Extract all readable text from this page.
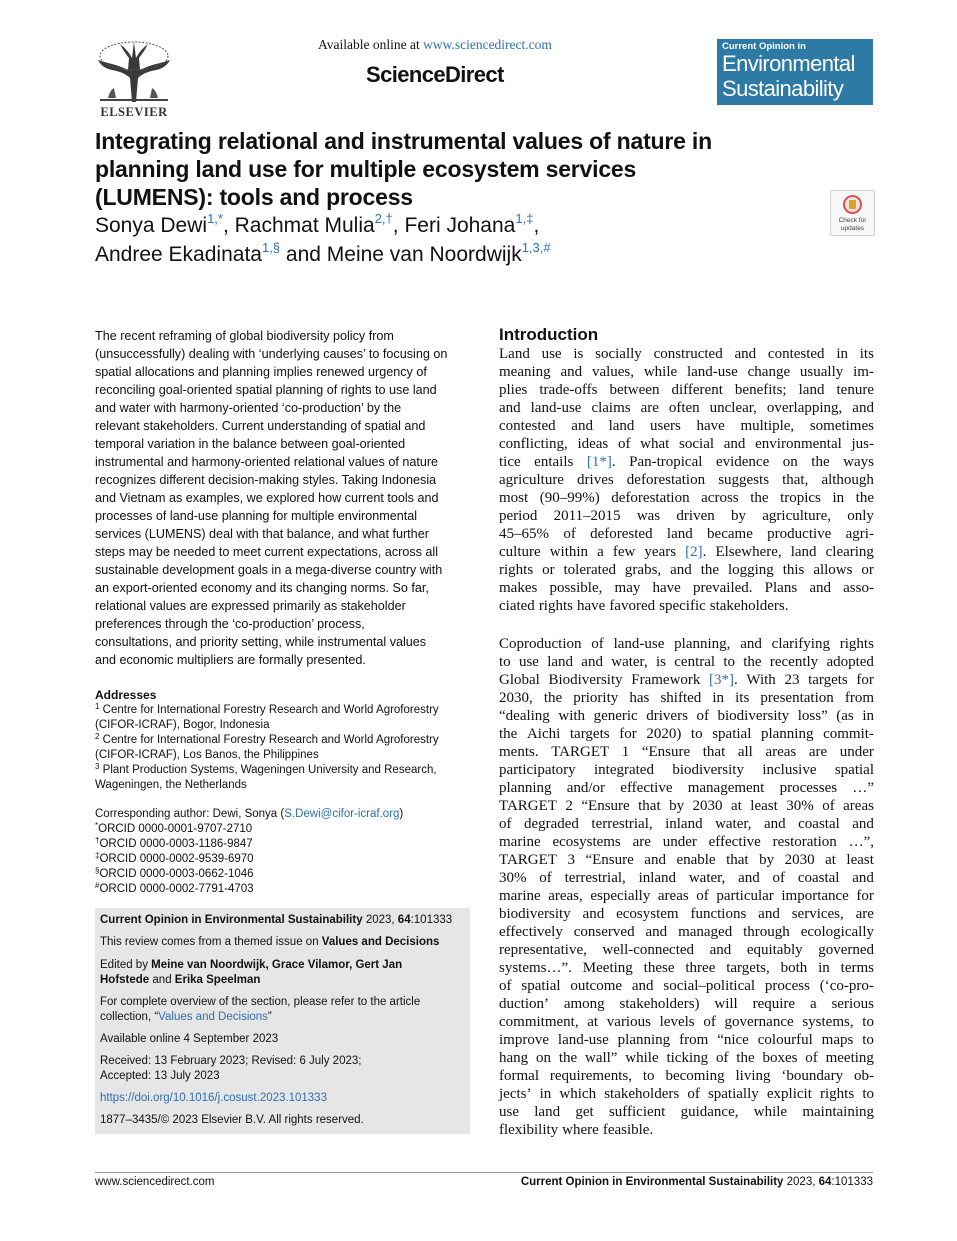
ELSEVIER
Available online at www.sciencedirect.com
ScienceDirect
Current Opinion in
Environmental
Sustainability
Integrating relational and instrumental values of nature in
planning land use for multiple ecosystem services
(LUMENS): tools and process
Sonya Dewi$^{1,*}$, Rachmat Mulia$^{2,\dagger}$, Feri Johana$^{1,\ddagger}$,
Andree Ekadinata$^{1,\S}$ and Meine van Noordwijk$^{1,3,\#}$
Check for
updates
The recent reframing of global biodiversity policy from
(unsuccessfully) dealing with ‘underlying causes’ to focusing on
spatial allocations and planning implies renewed urgency of
reconciling goal-oriented spatial planning of rights to use land
and water with harmony-oriented ‘co-production’ by the
relevant stakeholders. Current understanding of spatial and
temporal variation in the balance between goal-oriented
instrumental and harmony-oriented relational values of nature
recognizes different decision-making styles. Taking Indonesia
and Vietnam as examples, we explored how current tools and
processes of land-use planning for multiple environmental
services (LUMENS) deal with that balance, and what further
steps may be needed to meet current expectations, across all
sustainable development goals in a mega-diverse country with
an export-oriented economy and its changing norms. So far,
relational values are expressed primarily as stakeholder
preferences through the ‘co-production’ process,
consultations, and priority setting, while instrumental values
and economic multipliers are formally presented.
Addresses
$^1$ Centre for International Forestry Research and World Agroforestry
(CIFOR-ICRAF), Bogor, Indonesia
$^2$ Centre for International Forestry Research and World Agroforestry
(CIFOR-ICRAF), Los Banos, the Philippines
$^3$ Plant Production Systems, Wageningen University and Research,
Wageningen, the Netherlands
Corresponding author: Dewi, Sonya (S.Dewi@cifor-icraf.org)
*ORCID 0000-0001-9707-2710
†ORCID 0000-0003-1186-9847
‡ORCID 0000-0002-9539-6970
§ORCID 0000-0003-0662-1046
#ORCID 0000-0002-7791-4703
Current Opinion in Environmental Sustainability 2023, 64:101333
This review comes from a themed issue on Values and Decisions
Edited by Meine van Noordwijk, Grace Vilamor, Gert Jan
Hofstede and Erika Speelman
For complete overview of the section, please refer to the article
collection, “Values and Decisions”
Available online 4 September 2023
Received: 13 February 2023; Revised: 6 July 2023;
Accepted: 13 July 2023
https://doi.org/10.1016/j.cosust.2023.101333
1877–3435/© 2023 Elsevier B.V. All rights reserved.
Introduction
Land use is socially constructed and contested in its
meaning and values, while land-use change usually im-
plies trade-offs between different benefits; land tenure
and land-use claims are often unclear, overlapping, and
contested and land users have multiple, sometimes
conflicting, ideas of what social and environmental jus-
tice entails [1*]. Pan-tropical evidence on the ways
agriculture drives deforestation suggests that, although
most (90–99%) deforestation across the tropics in the
period 2011–2015 was driven by agriculture, only
45–65% of deforested land became productive agri-
culture within a few years [2]. Elsewhere, land clearing
rights or tolerated grabs, and the logging this allows or
makes possible, may have prevailed. Plans and asso-
ciated rights have favored specific stakeholders.
Coproduction of land-use planning, and clarifying rights
to use land and water, is central to the recently adopted
Global Biodiversity Framework [3*]. With 23 targets for
2030, the priority has shifted in its presentation from
“dealing with generic drivers of biodiversity loss” (as in
the Aichi targets for 2020) to spatial planning commit-
ments. TARGET 1 “Ensure that all areas are under
participatory integrated biodiversity inclusive spatial
planning and/or effective management processes …”
TARGET 2 “Ensure that by 2030 at least 30% of areas
of degraded terrestrial, inland water, and coastal and
marine ecosystems are under effective restoration …”,
TARGET 3 “Ensure and enable that by 2030 at least
30% of terrestrial, inland water, and of coastal and
marine areas, especially areas of particular importance for
biodiversity and ecosystem functions and services, are
effectively conserved and managed through ecologically
representative, well-connected and equitably governed
systems…”. Meeting these three targets, both in terms
of spatial outcome and social–political process (‘co-pro-
duction’ among stakeholders) will require a serious
commitment, at various levels of governance systems, to
improve land-use planning from “nice colourful maps to
hang on the wall” while ticking of the boxes of meeting
formal requirements, to becoming living ‘boundary ob-
jects’ in which stakeholders of spatially explicit rights to
use land get sufficient guidance, while maintaining
flexibility where feasible.
www.sciencedirect.com	Current Opinion in Environmental Sustainability 2023, 64:101333
